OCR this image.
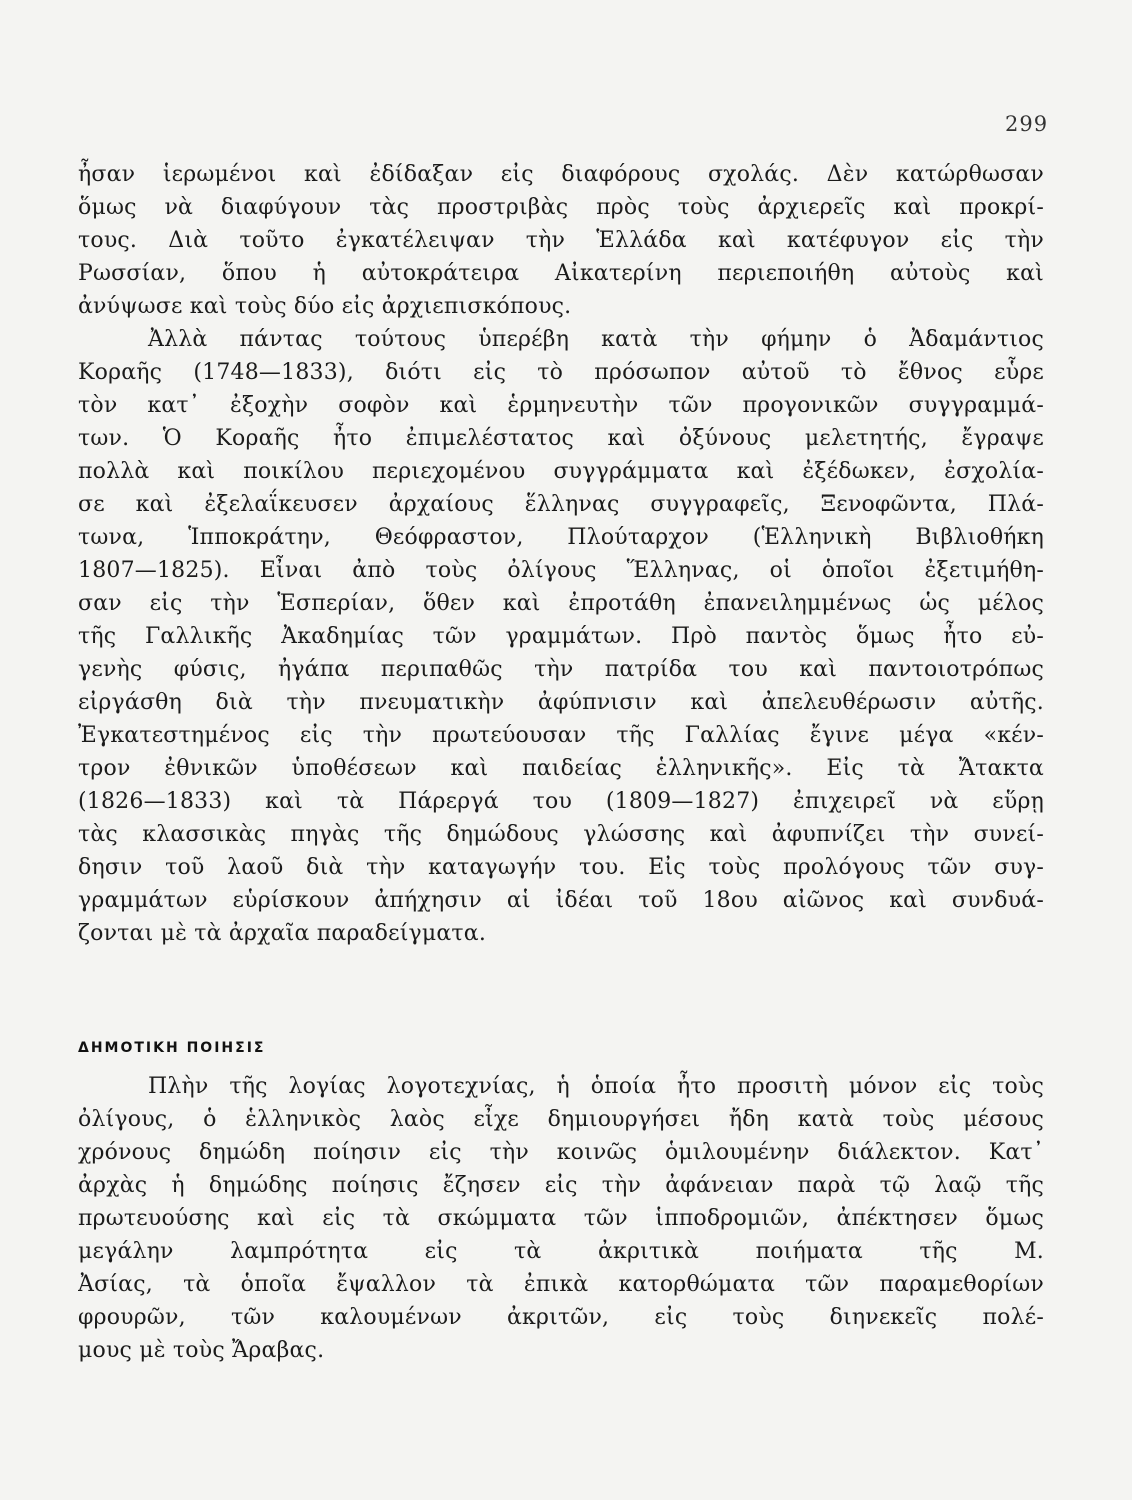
299
ἦσαν ἱερωμένοι καὶ ἐδίδαξαν εἰς διαφόρους σχολάς. Δὲν κατώρθωσαν
ὅμως νὰ διαφύγουν τὰς προστριβὰς πρὸς τοὺς ἀρχιερεῖς καὶ προκρί-
τους. Διὰ τοῦτο ἐγκατέλειψαν τὴν Ἑλλάδα καὶ κατέφυγον εἰς τὴν
Ρωσσίαν, ὅπου ἡ αὐτοκράτειρα Αἰκατερίνη περιεποιήθη αὐτοὺς καὶ
ἀνύψωσε καὶ τοὺς δύο εἰς ἀρχιεπισκόπους.
Ἀλλὰ πάντας τούτους ὑπερέβη κατὰ τὴν φήμην ὁ Ἀδαμάντιος
Κοραῆς (1748—1833), διότι εἰς τὸ πρόσωπον αὐτοῦ τὸ ἔθνος εὗρε
τὸν κατ᾽ ἐξοχὴν σοφὸν καὶ ἑρμηνευτὴν τῶν προγονικῶν συγγραμμά-
των. Ὁ Κοραῆς ἦτο ἐπιμελέστατος καὶ ὀξύνους μελετητής, ἔγραψε
πολλὰ καὶ ποικίλου περιεχομένου συγγράμματα καὶ ἐξέδωκεν, ἐσχολία-
σε καὶ ἐξελαΐκευσεν ἀρχαίους ἕλληνας συγγραφεῖς, Ξενοφῶντα, Πλά-
τωνα, Ἱπποκράτην, Θεόφραστον, Πλούταρχον (Ἑλληνικὴ Βιβλιοθήκη
1807—1825). Εἶναι ἀπὸ τοὺς ὀλίγους Ἕλληνας, οἱ ὁποῖοι ἐξετιμήθη-
σαν εἰς τὴν Ἑσπερίαν, ὅθεν καὶ ἐπροτάθη ἐπανειλημμένως ὡς μέλος
τῆς Γαλλικῆς Ἀκαδημίας τῶν γραμμάτων. Πρὸ παντὸς ὅμως ἦτο εὐ-
γενὴς φύσις, ἠγάπα περιπαθῶς τὴν πατρίδα του καὶ παντοιοτρόπως
εἰργάσθη διὰ τὴν πνευματικὴν ἀφύπνισιν καὶ ἀπελευθέρωσιν αὐτῆς.
Ἐγκατεστημένος εἰς τὴν πρωτεύουσαν τῆς Γαλλίας ἔγινε μέγα «κέν-
τρον ἐθνικῶν ὑποθέσεων καὶ παιδείας ἑλληνικῆς». Εἰς τὰ Ἄτακτα
(1826—1833) καὶ τὰ Πάρεργά του (1809—1827) ἐπιχειρεῖ νὰ εὕρῃ
τὰς κλασσικὰς πηγὰς τῆς δημώδους γλώσσης καὶ ἀφυπνίζει τὴν συνεί-
δησιν τοῦ λαοῦ διὰ τὴν καταγωγήν του. Εἰς τοὺς προλόγους τῶν συγ-
γραμμάτων εὑρίσκουν ἀπήχησιν αἱ ἰδέαι τοῦ 18ου αἰῶνος καὶ συνδυά-
ζονται μὲ τὰ ἀρχαῖα παραδείγματα.
ΔΗΜΟΤΙΚΗ ΠΟΙΗΣΙΣ
Πλὴν τῆς λογίας λογοτεχνίας, ἡ ὁποία ἦτο προσιτὴ μόνον εἰς τοὺς
ὀλίγους, ὁ ἑλληνικὸς λαὸς εἶχε δημιουργήσει ἤδη κατὰ τοὺς μέσους
χρόνους δημώδη ποίησιν εἰς τὴν κοινῶς ὁμιλουμένην διάλεκτον. Κατ᾽
ἀρχὰς ἡ δημώδης ποίησις ἔζησεν εἰς τὴν ἀφάνειαν παρὰ τῷ λαῷ τῆς
πρωτευούσης καὶ εἰς τὰ σκώμματα τῶν ἱπποδρομιῶν, ἀπέκτησεν ὅμως
μεγάλην λαμπρότητα εἰς τὰ ἀκριτικὰ ποιήματα τῆς Μ.
Ἀσίας, τὰ ὁποῖα ἔψαλλον τὰ ἐπικὰ κατορθώματα τῶν παραμεθορίων
φρουρῶν, τῶν καλουμένων ἀκριτῶν, εἰς τοὺς διηνεκεῖς πολέ-
μους μὲ τοὺς Ἄραβας.
